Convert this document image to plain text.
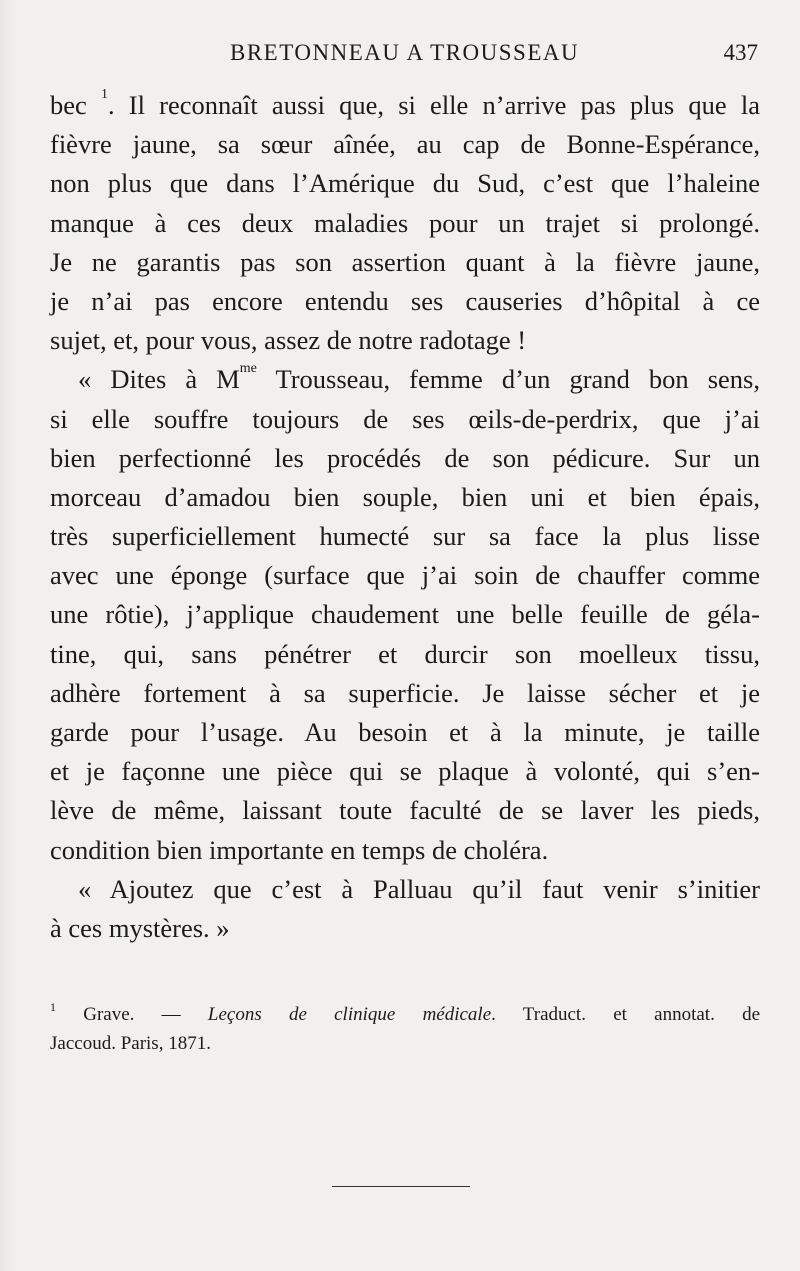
BRETONNEAU A TROUSSEAU	437
bec $^1$. Il reconnaît aussi que, si elle n’arrive pas plus que la
fièvre jaune, sa sœur aînée, au cap de Bonne-Espérance,
non plus que dans l’Amérique du Sud, c’est que l’haleine
manque à ces deux maladies pour un trajet si prolongé.
Je ne garantis pas son assertion quant à la fièvre jaune,
je n’ai pas encore entendu ses causeries d’hôpital à ce
sujet, et, pour vous, assez de notre radotage !
« Dites à $M^{me}$ Trousseau, femme d’un grand bon sens,
si elle souffre toujours de ses œils-de-perdrix, que j’ai
bien perfectionné les procédés de son pédicure. Sur un
morceau d’amadou bien souple, bien uni et bien épais,
très superficiellement humecté sur sa face la plus lisse
avec une éponge (surface que j’ai soin de chauffer comme
une rôtie), j’applique chaudement une belle feuille de géla-
tine, qui, sans pénétrer et durcir son moelleux tissu,
adhère fortement à sa superficie. Je laisse sécher et je
garde pour l’usage. Au besoin et à la minute, je taille
et je façonne une pièce qui se plaque à volonté, qui s’en-
lève de même, laissant toute faculté de se laver les pieds,
condition bien importante en temps de choléra.
« Ajoutez que c’est à Palluau qu’il faut venir s’initier
à ces mystères. »
$^1$ Grave. — Leçons de clinique médicale. Traduct. et annotat. de
Jaccoud. Paris, 1871.
